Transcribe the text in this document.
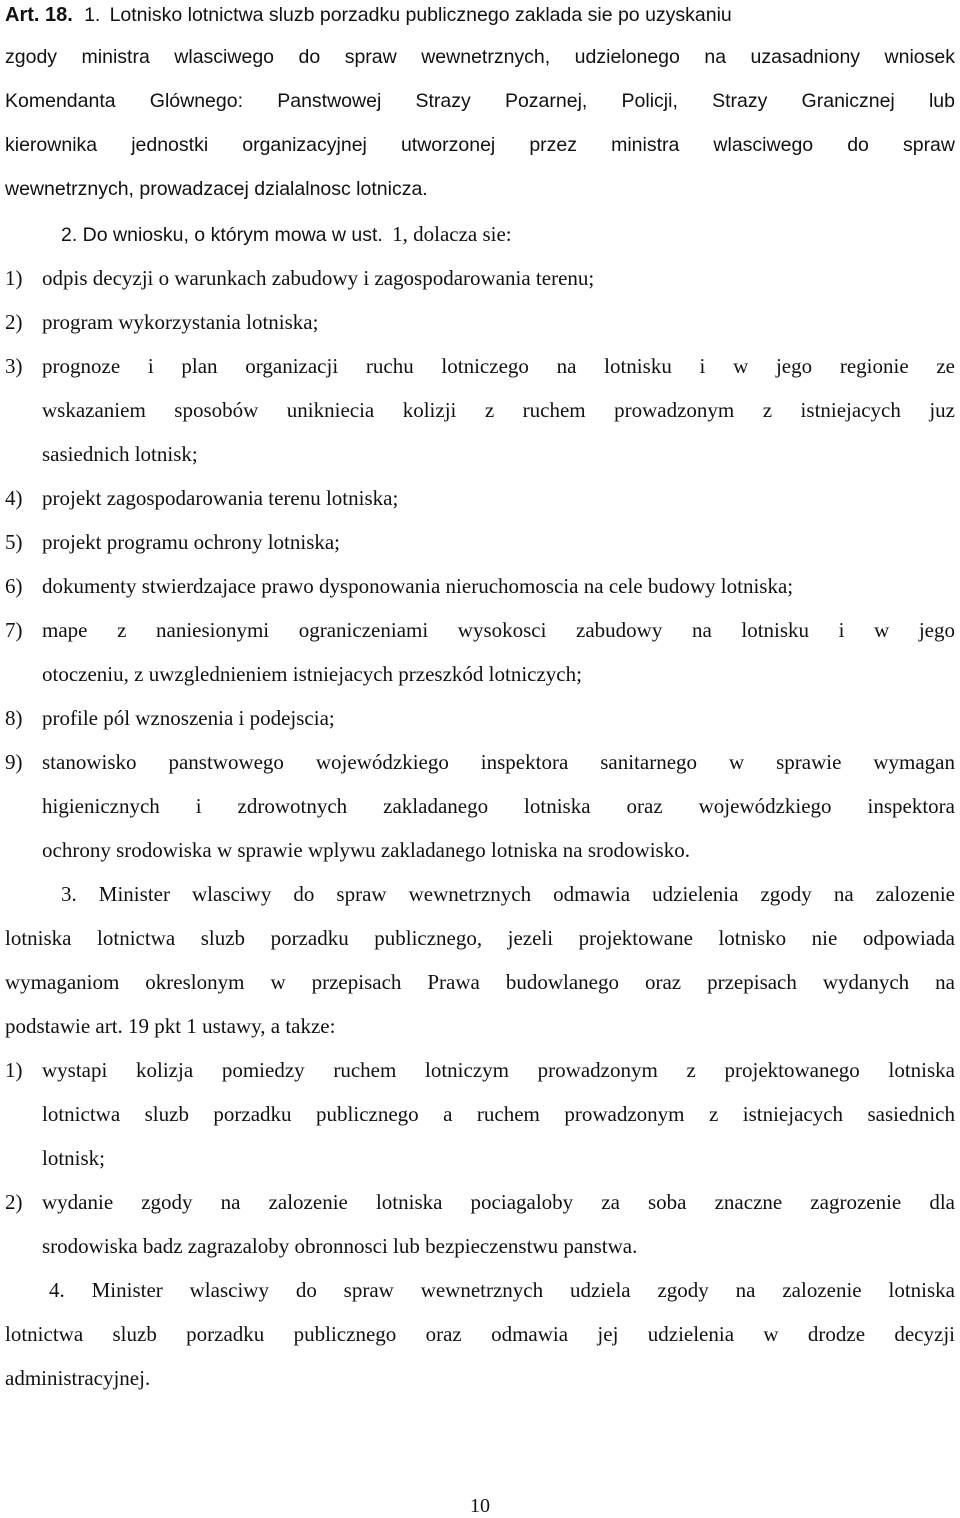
Art. 18. 1. Lotnisko lotnictwa sluzb porzadku publicznego zaklada sie po uzyskaniu
zgody ministra wlasciwego do spraw wewnetrznych, udzielonego na uzasadniony wniosek
Komendanta Glównego: Panstwowej Strazy Pozarnej, Policji, Strazy Granicznej lub
kierownika jednostki organizacyjnej utworzonej przez ministra wlasciwego do spraw
wewnetrznych, prowadzacej dzialalnosc lotnicza.
2. Do wniosku, o którym mowa w ust. 1, dolacza sie:
1) odpis decyzji o warunkach zabudowy i zagospodarowania terenu;
2) program wykorzystania lotniska;
3) prognoze i plan organizacji ruchu lotniczego na lotnisku i w jego regionie ze
wskazaniem sposobów unikniecia kolizji z ruchem prowadzonym z istniejacych juz
sasiednich lotnisk;
4) projekt zagospodarowania terenu lotniska;
5) projekt programu ochrony lotniska;
6) dokumenty stwierdzajace prawo dysponowania nieruchomoscia na cele budowy lotniska;
7) mape z naniesionymi ograniczeniami wysokosci zabudowy na lotnisku i w jego
otoczeniu, z uwzglednieniem istniejacych przeszkód lotniczych;
8) profile pól wznoszenia i podejscia;
9) stanowisko panstwowego wojewódzkiego inspektora sanitarnego w sprawie wymagan
higienicznych i zdrowotnych zakladanego lotniska oraz wojewódzkiego inspektora
ochrony srodowiska w sprawie wplywu zakladanego lotniska na srodowisko.
3. Minister wlasciwy do spraw wewnetrznych odmawia udzielenia zgody na zalozenie
lotniska lotnictwa sluzb porzadku publicznego, jezeli projektowane lotnisko nie odpowiada
wymaganiom okreslonym w przepisach Prawa budowlanego oraz przepisach wydanych na
podstawie art. 19 pkt 1 ustawy, a takze:
1) wystapi kolizja pomiedzy ruchem lotniczym prowadzonym z projektowanego lotniska
lotnictwa sluzb porzadku publicznego a ruchem prowadzonym z istniejacych sasiednich
lotnisk;
2) wydanie zgody na zalozenie lotniska pociagaloby za soba znaczne zagrozenie dla
srodowiska badz zagrazaloby obronnosci lub bezpieczenstwu panstwa.
4. Minister wlasciwy do spraw wewnetrznych udziela zgody na zalozenie lotniska
lotnictwa sluzb porzadku publicznego oraz odmawia jej udzielenia w drodze decyzji
administracyjnej.
10
